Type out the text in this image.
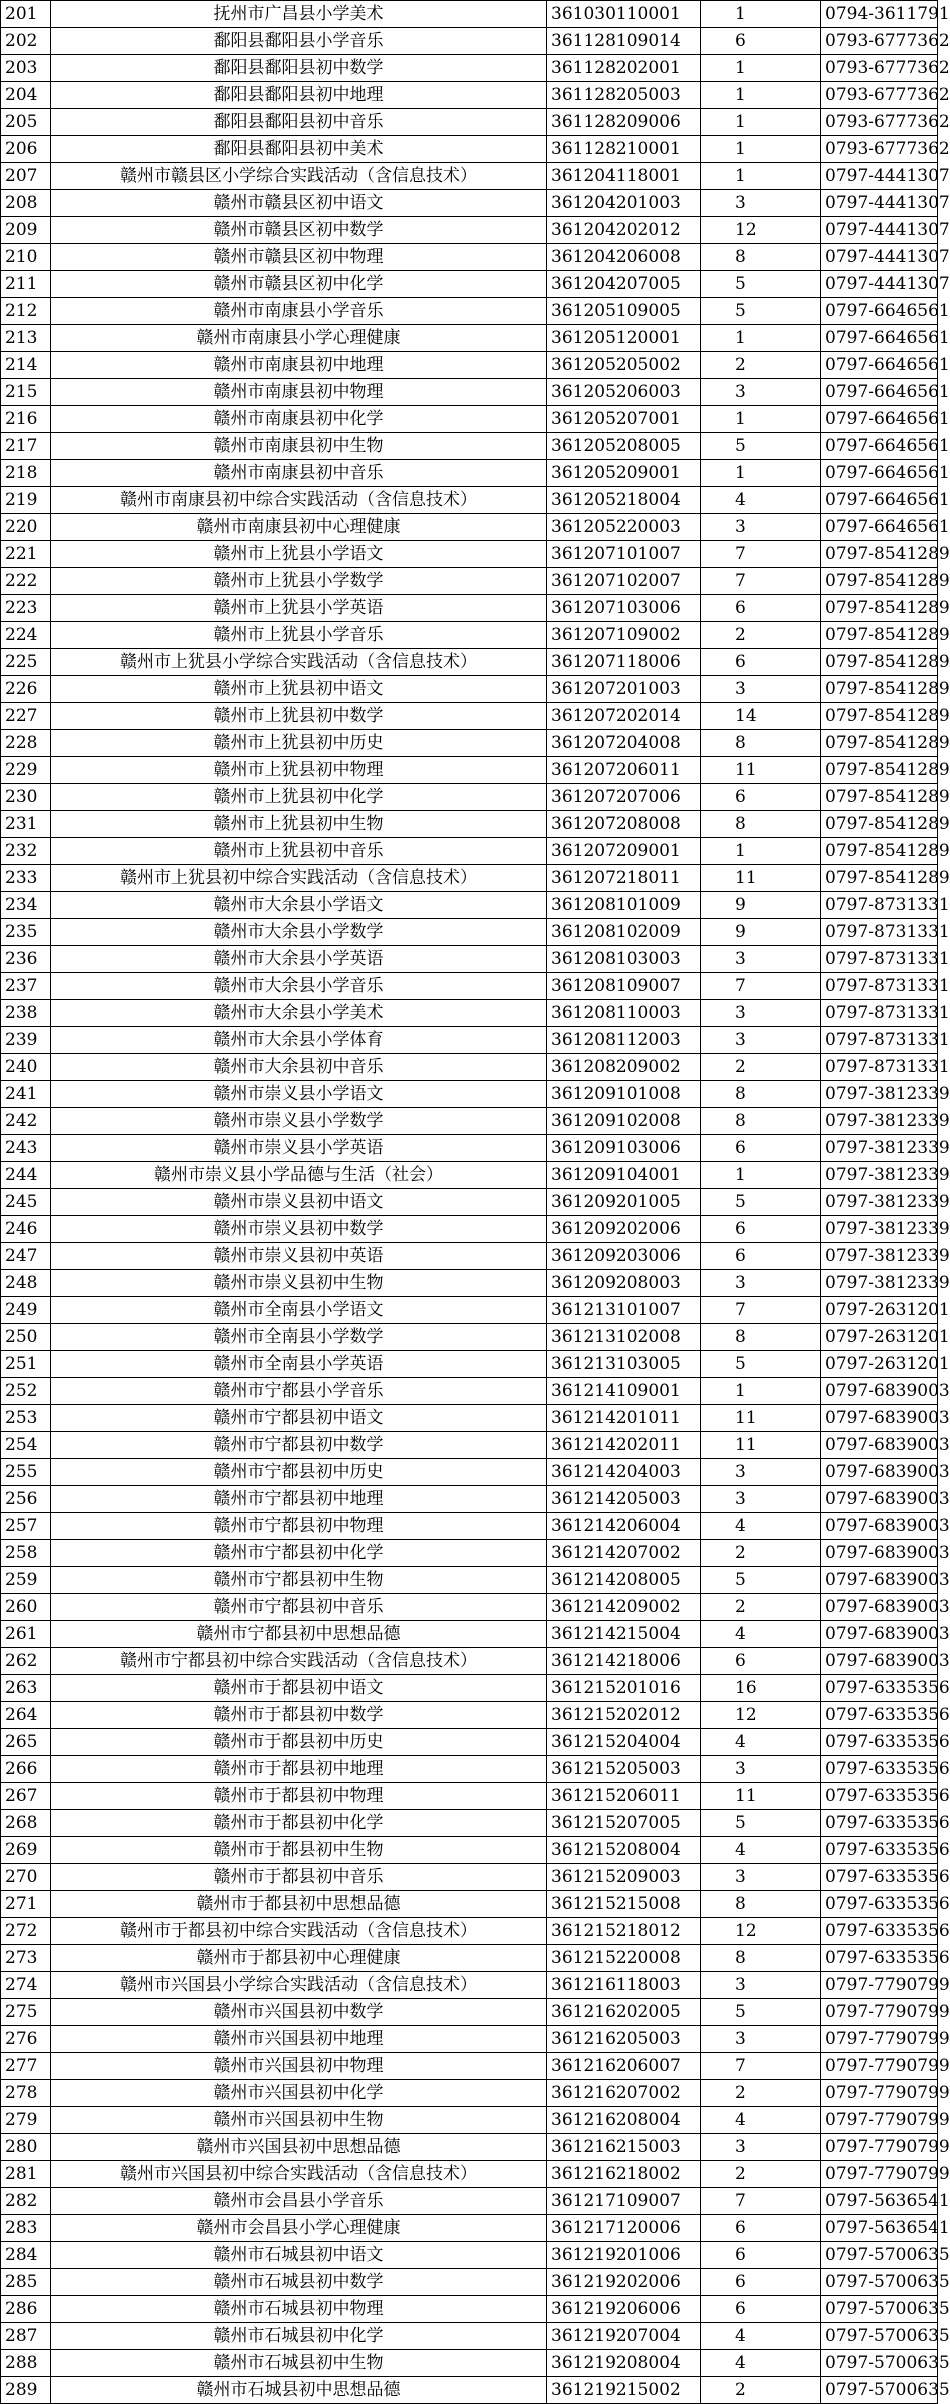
201	抚州市广昌县小学美术	361030110001	1	0794-3611791
202	鄱阳县鄱阳县小学音乐	361128109014	6	0793-6777362
203	鄱阳县鄱阳县初中数学	361128202001	1	0793-6777362
204	鄱阳县鄱阳县初中地理	361128205003	1	0793-6777362
205	鄱阳县鄱阳县初中音乐	361128209006	1	0793-6777362
206	鄱阳县鄱阳县初中美术	361128210001	1	0793-6777362
207	赣州市赣县区小学综合实践活动（含信息技术）	361204118001	1	0797-4441307
208	赣州市赣县区初中语文	361204201003	3	0797-4441307
209	赣州市赣县区初中数学	361204202012	12	0797-4441307
210	赣州市赣县区初中物理	361204206008	8	0797-4441307
211	赣州市赣县区初中化学	361204207005	5	0797-4441307
212	赣州市南康县小学音乐	361205109005	5	0797-6646561
213	赣州市南康县小学心理健康	361205120001	1	0797-6646561
214	赣州市南康县初中地理	361205205002	2	0797-6646561
215	赣州市南康县初中物理	361205206003	3	0797-6646561
216	赣州市南康县初中化学	361205207001	1	0797-6646561
217	赣州市南康县初中生物	361205208005	5	0797-6646561
218	赣州市南康县初中音乐	361205209001	1	0797-6646561
219	赣州市南康县初中综合实践活动（含信息技术）	361205218004	4	0797-6646561
220	赣州市南康县初中心理健康	361205220003	3	0797-6646561
221	赣州市上犹县小学语文	361207101007	7	0797-8541289
222	赣州市上犹县小学数学	361207102007	7	0797-8541289
223	赣州市上犹县小学英语	361207103006	6	0797-8541289
224	赣州市上犹县小学音乐	361207109002	2	0797-8541289
225	赣州市上犹县小学综合实践活动（含信息技术）	361207118006	6	0797-8541289
226	赣州市上犹县初中语文	361207201003	3	0797-8541289
227	赣州市上犹县初中数学	361207202014	14	0797-8541289
228	赣州市上犹县初中历史	361207204008	8	0797-8541289
229	赣州市上犹县初中物理	361207206011	11	0797-8541289
230	赣州市上犹县初中化学	361207207006	6	0797-8541289
231	赣州市上犹县初中生物	361207208008	8	0797-8541289
232	赣州市上犹县初中音乐	361207209001	1	0797-8541289
233	赣州市上犹县初中综合实践活动（含信息技术）	361207218011	11	0797-8541289
234	赣州市大余县小学语文	361208101009	9	0797-8731331
235	赣州市大余县小学数学	361208102009	9	0797-8731331
236	赣州市大余县小学英语	361208103003	3	0797-8731331
237	赣州市大余县小学音乐	361208109007	7	0797-8731331
238	赣州市大余县小学美术	361208110003	3	0797-8731331
239	赣州市大余县小学体育	361208112003	3	0797-8731331
240	赣州市大余县初中音乐	361208209002	2	0797-8731331
241	赣州市崇义县小学语文	361209101008	8	0797-3812339
242	赣州市崇义县小学数学	361209102008	8	0797-3812339
243	赣州市崇义县小学英语	361209103006	6	0797-3812339
244	赣州市崇义县小学品德与生活（社会）	361209104001	1	0797-3812339
245	赣州市崇义县初中语文	361209201005	5	0797-3812339
246	赣州市崇义县初中数学	361209202006	6	0797-3812339
247	赣州市崇义县初中英语	361209203006	6	0797-3812339
248	赣州市崇义县初中生物	361209208003	3	0797-3812339
249	赣州市全南县小学语文	361213101007	7	0797-2631201
250	赣州市全南县小学数学	361213102008	8	0797-2631201
251	赣州市全南县小学英语	361213103005	5	0797-2631201
252	赣州市宁都县小学音乐	361214109001	1	0797-6839003
253	赣州市宁都县初中语文	361214201011	11	0797-6839003
254	赣州市宁都县初中数学	361214202011	11	0797-6839003
255	赣州市宁都县初中历史	361214204003	3	0797-6839003
256	赣州市宁都县初中地理	361214205003	3	0797-6839003
257	赣州市宁都县初中物理	361214206004	4	0797-6839003
258	赣州市宁都县初中化学	361214207002	2	0797-6839003
259	赣州市宁都县初中生物	361214208005	5	0797-6839003
260	赣州市宁都县初中音乐	361214209002	2	0797-6839003
261	赣州市宁都县初中思想品德	361214215004	4	0797-6839003
262	赣州市宁都县初中综合实践活动（含信息技术）	361214218006	6	0797-6839003
263	赣州市于都县初中语文	361215201016	16	0797-6335356
264	赣州市于都县初中数学	361215202012	12	0797-6335356
265	赣州市于都县初中历史	361215204004	4	0797-6335356
266	赣州市于都县初中地理	361215205003	3	0797-6335356
267	赣州市于都县初中物理	361215206011	11	0797-6335356
268	赣州市于都县初中化学	361215207005	5	0797-6335356
269	赣州市于都县初中生物	361215208004	4	0797-6335356
270	赣州市于都县初中音乐	361215209003	3	0797-6335356
271	赣州市于都县初中思想品德	361215215008	8	0797-6335356
272	赣州市于都县初中综合实践活动（含信息技术）	361215218012	12	0797-6335356
273	赣州市于都县初中心理健康	361215220008	8	0797-6335356
274	赣州市兴国县小学综合实践活动（含信息技术）	361216118003	3	0797-7790799
275	赣州市兴国县初中数学	361216202005	5	0797-7790799
276	赣州市兴国县初中地理	361216205003	3	0797-7790799
277	赣州市兴国县初中物理	361216206007	7	0797-7790799
278	赣州市兴国县初中化学	361216207002	2	0797-7790799
279	赣州市兴国县初中生物	361216208004	4	0797-7790799
280	赣州市兴国县初中思想品德	361216215003	3	0797-7790799
281	赣州市兴国县初中综合实践活动（含信息技术）	361216218002	2	0797-7790799
282	赣州市会昌县小学音乐	361217109007	7	0797-5636541
283	赣州市会昌县小学心理健康	361217120006	6	0797-5636541
284	赣州市石城县初中语文	361219201006	6	0797-5700635
285	赣州市石城县初中数学	361219202006	6	0797-5700635
286	赣州市石城县初中物理	361219206006	6	0797-5700635
287	赣州市石城县初中化学	361219207004	4	0797-5700635
288	赣州市石城县初中生物	361219208004	4	0797-5700635
289	赣州市石城县初中思想品德	361219215002	2	0797-5700635
